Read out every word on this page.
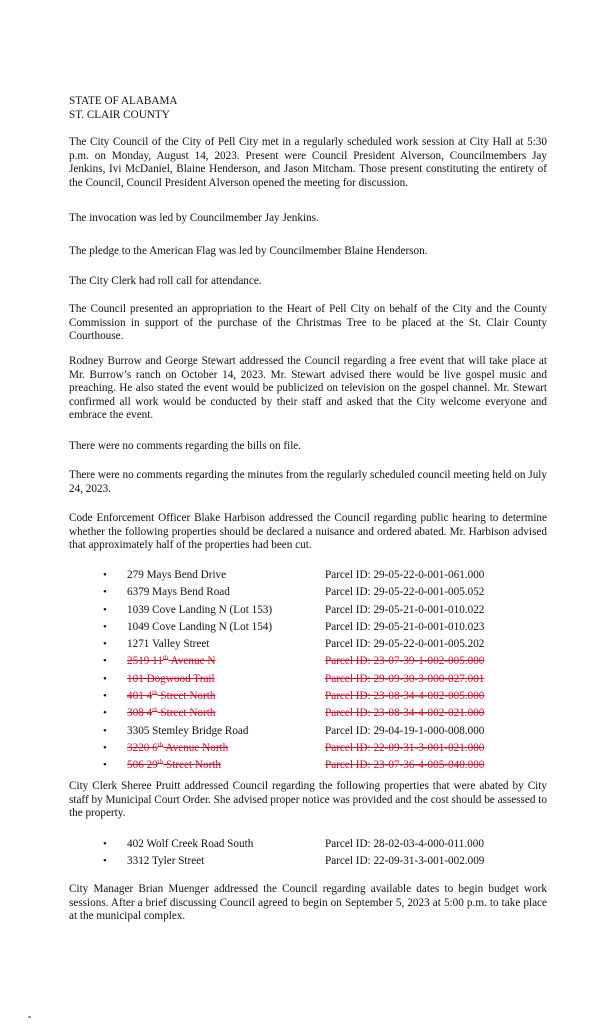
STATE OF ALABAMA
ST. CLAIR COUNTY

The City Council of the City of Pell City met in a regularly scheduled work session at City Hall at 5:30 p.m. on Monday, August 14, 2023. Present were Council President Alverson, Councilmembers Jay Jenkins, Ivi McDaniel, Blaine Henderson, and Jason Mitcham. Those present constituting the entirety of the Council, Council President Alverson opened the meeting for discussion.

The invocation was led by Councilmember Jay Jenkins.

The pledge to the American Flag was led by Councilmember Blaine Henderson.

The City Clerk had roll call for attendance.

The Council presented an appropriation to the Heart of Pell City on behalf of the City and the County Commission in support of the purchase of the Christmas Tree to be placed at the St. Clair County Courthouse.

Rodney Burrow and George Stewart addressed the Council regarding a free event that will take place at Mr. Burrow’s ranch on October 14, 2023. Mr. Stewart advised there would be live gospel music and preaching. He also stated the event would be publicized on television on the gospel channel. Mr. Stewart confirmed all work would be conducted by their staff and asked that the City welcome everyone and embrace the event.

There were no comments regarding the bills on file.

There were no comments regarding the minutes from the regularly scheduled council meeting held on July 24, 2023.

Code Enforcement Officer Blake Harbison addressed the Council regarding public hearing to determine whether the following properties should be declared a nuisance and ordered abated. Mr. Harbison advised that approximately half of the properties had been cut.

• 279 Mays Bend Drive	Parcel ID: 29-05-22-0-001-061.000
• 6379 Mays Bend Road	Parcel ID: 29-05-22-0-001-005.052
• 1039 Cove Landing N (Lot 153)	Parcel ID: 29-05-21-0-001-010.022
• 1049 Cove Landing N (Lot 154)	Parcel ID: 29-05-21-0-001-010.023
• 1271 Valley Street	Parcel ID: 29-05-22-0-001-005.202
• 2519 11th Avenue N	Parcel ID: 23-07-39-1-002-005.000
• 101 Dogwood Trail	Parcel ID: 29-09-30-3-000-027.001
• 401 4th Street North	Parcel ID: 23-08-34-4-002-005.000
• 308 4th Street North	Parcel ID: 23-08-34-4-002-021.000
• 3305 Stemley Bridge Road	Parcel ID: 29-04-19-1-000-008.000
• 3220 6th Avenue North	Parcel ID: 22-09-31-3-001-021.000
• 506 29th Street North	Parcel ID: 23-07-36-4-005-040.000

City Clerk Sheree Pruitt addressed Council regarding the following properties that were abated by City staff by Municipal Court Order. She advised proper notice was provided and the cost should be assessed to the property.

• 402 Wolf Creek Road South	Parcel ID: 28-02-03-4-000-011.000
• 3312 Tyler Street	Parcel ID: 22-09-31-3-001-002.009

City Manager Brian Muenger addressed the Council regarding available dates to begin budget work sessions. After a brief discussing Council agreed to begin on September 5, 2023 at 5:00 p.m. to take place at the municipal complex.
